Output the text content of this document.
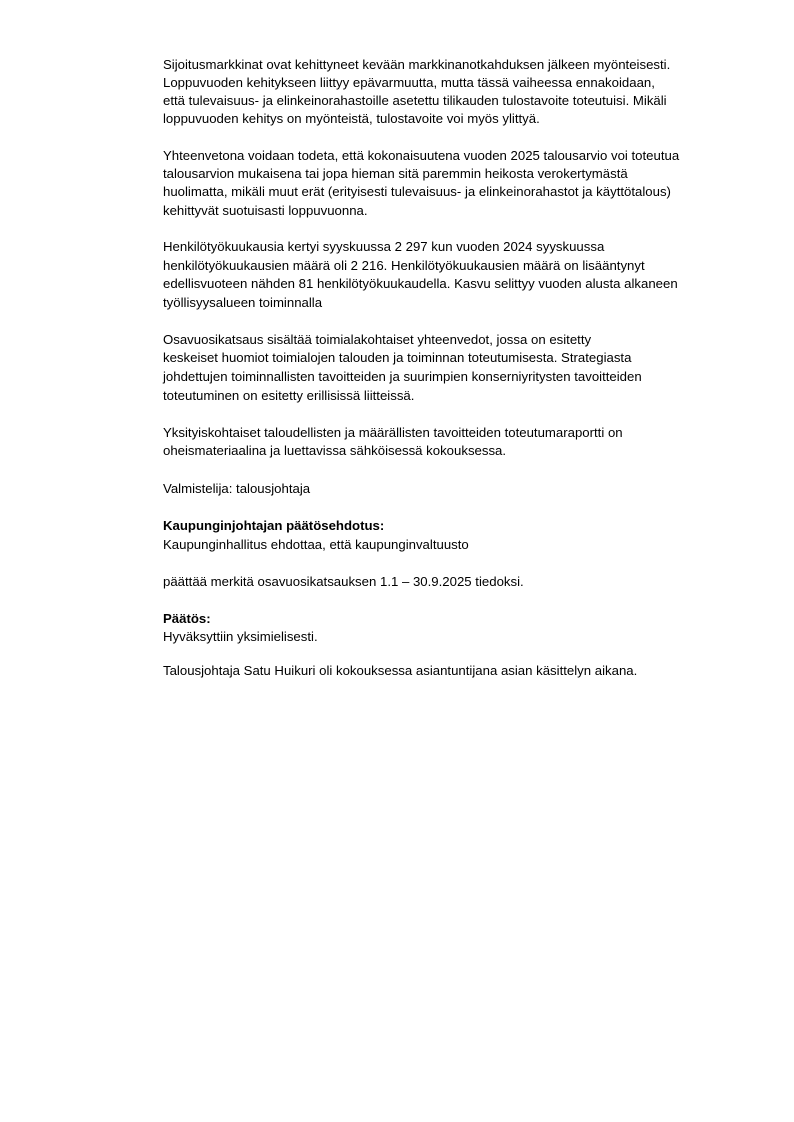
Sijoitusmarkkinat ovat kehittyneet kevään markkinanotkahduksen jälkeen myönteisesti.
Loppuvuoden kehitykseen liittyy epävarmuutta, mutta tässä vaiheessa ennakoidaan,
että tulevaisuus- ja elinkeinorahastoille asetettu tilikauden tulostavoite toteutuisi. Mikäli
loppuvuoden kehitys on myönteistä, tulostavoite voi myös ylittyä.
Yhteenvetona voidaan todeta, että kokonaisuutena vuoden 2025 talousarvio voi toteutua
talousarvion mukaisena tai jopa hieman sitä paremmin heikosta verokertymästä
huolimatta, mikäli muut erät (erityisesti tulevaisuus- ja elinkeinorahastot ja käyttötalous)
kehittyvät suotuisasti loppuvuonna.
Henkilötyökuukausia kertyi syyskuussa 2 297 kun vuoden 2024 syyskuussa
henkilötyökuukausien määrä oli 2 216. Henkilötyökuukausien määrä on lisääntynyt
edellisvuoteen nähden 81 henkilötyökuukaudella. Kasvu selittyy vuoden alusta alkaneen
työllisyysalueen toiminnalla
Osavuosikatsaus sisältää toimialakohtaiset yhteenvedot, jossa on esitetty
keskeiset huomiot toimialojen talouden ja toiminnan toteutumisesta. Strategiasta
johdettujen toiminnallisten tavoitteiden ja suurimpien konserniyritysten tavoitteiden
toteutuminen on esitetty erillisissä liitteissä.
Yksityiskohtaiset taloudellisten ja määrällisten tavoitteiden toteutumaraportti on
oheismateriaalina ja luettavissa sähköisessä kokouksessa.
Valmistelija: talousjohtaja
Kaupunginjohtajan päätösehdotus:
Kaupunginhallitus ehdottaa, että kaupunginvaltuusto
päättää merkitä osavuosikatsauksen 1.1 – 30.9.2025 tiedoksi.
Päätös:
Hyväksyttiin yksimielisesti.
Talousjohtaja Satu Huikuri oli kokouksessa asiantuntijana asian käsittelyn aikana.
